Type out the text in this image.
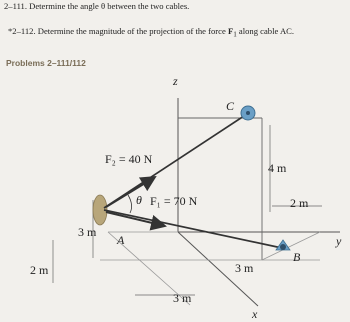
2–111. Determine the angle θ between the two cables.
*2–112. Determine the magnitude of the projection of the force $F_1$ along cable AC.
Problems 2–111/112
z
y
x
C
A
B
F₂ = 40 N
F₁ = 70 N
θ
4 m
2 m
3 m
2 m	3 m
3 m
